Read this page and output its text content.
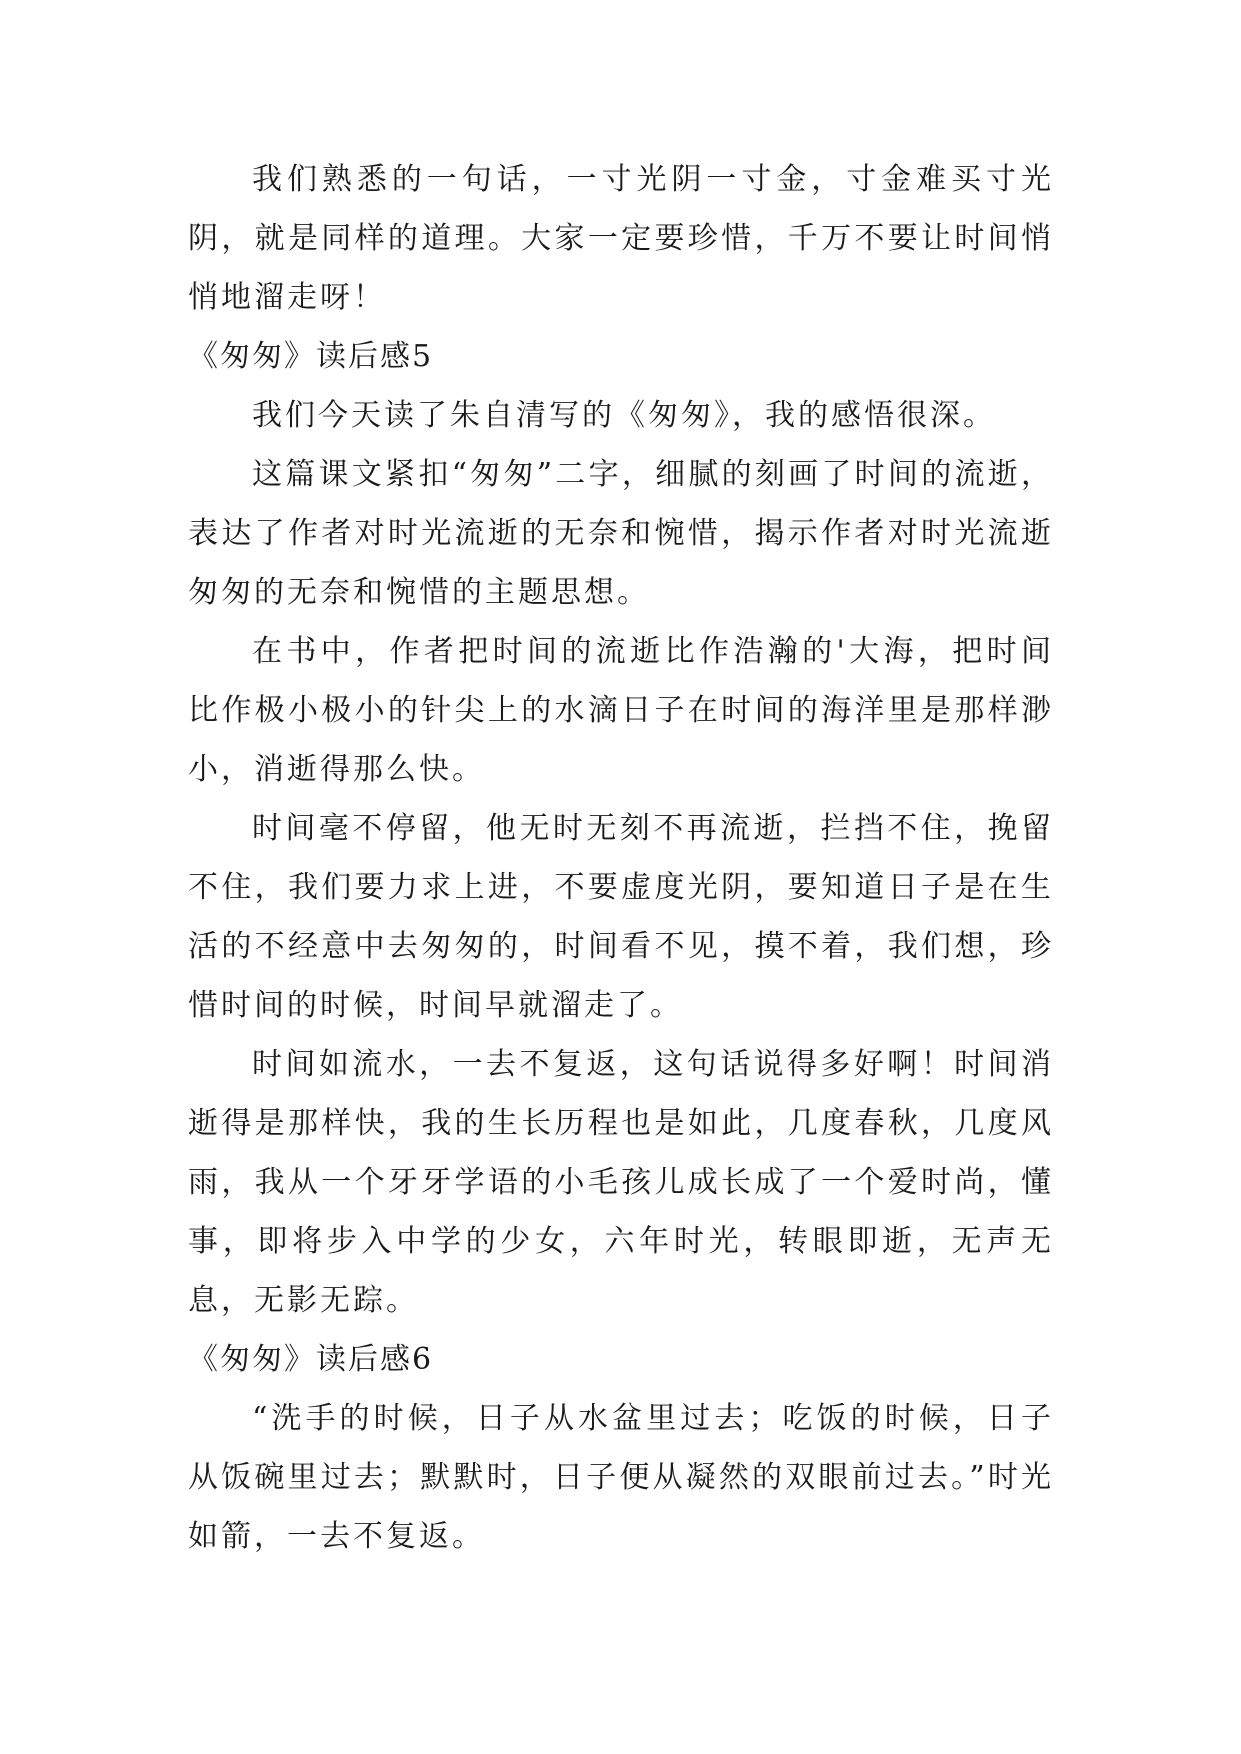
我们熟悉的一句话，一寸光阴一寸金，寸金难买寸光阴，就是同样的道理。大家一定要珍惜，千万不要让时间悄悄地溜走呀！

《匆匆》读后感5

我们今天读了朱自清写的《匆匆》，我的感悟很深。

这篇课文紧扣“匆匆”二字，细腻的刻画了时间的流逝，表达了作者对时光流逝的无奈和惋惜，揭示作者对时光流逝匆匆的无奈和惋惜的主题思想。

在书中，作者把时间的流逝比作浩瀚的'大海，把时间比作极小极小的针尖上的水滴日子在时间的海洋里是那样渺小，消逝得那么快。

时间毫不停留，他无时无刻不再流逝，拦挡不住，挽留不住，我们要力求上进，不要虚度光阴，要知道日子是在生活的不经意中去匆匆的，时间看不见，摸不着，我们想，珍惜时间的时候，时间早就溜走了。

时间如流水，一去不复返，这句话说得多好啊！时间消逝得是那样快，我的生长历程也是如此，几度春秋，几度风雨，我从一个牙牙学语的小毛孩儿成长成了一个爱时尚，懂事，即将步入中学的少女，六年时光，转眼即逝，无声无息，无影无踪。

《匆匆》读后感6

“洗手的时候，日子从水盆里过去；吃饭的时候，日子从饭碗里过去；默默时，日子便从凝然的双眼前过去。”时光如箭，一去不复返。
